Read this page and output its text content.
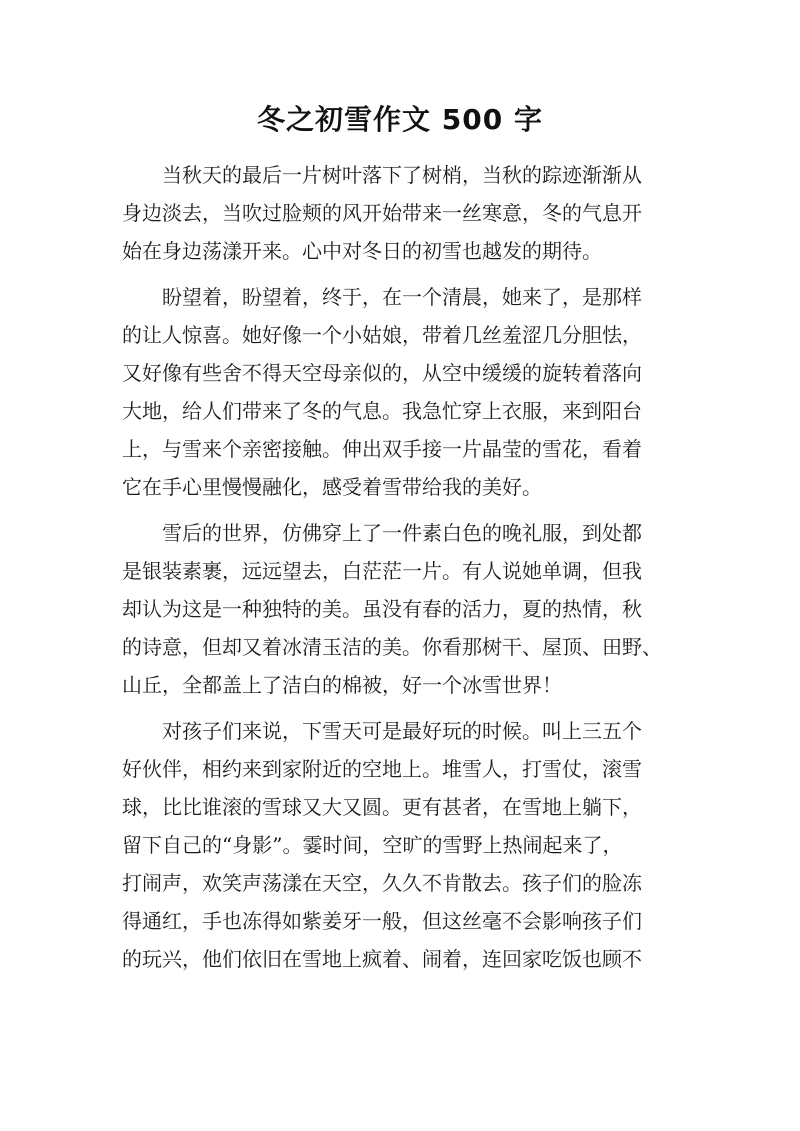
冬之初雪作文 500 字
　　当秋天的最后一片树叶落下了树梢，当秋的踪迹渐渐从
身边淡去，当吹过脸颊的风开始带来一丝寒意，冬的气息开
始在身边荡漾开来。心中对冬日的初雪也越发的期待。
　　盼望着，盼望着，终于，在一个清晨，她来了，是那样
的让人惊喜。她好像一个小姑娘，带着几丝羞涩几分胆怯，
又好像有些舍不得天空母亲似的，从空中缓缓的旋转着落向
大地，给人们带来了冬的气息。我急忙穿上衣服，来到阳台
上，与雪来个亲密接触。伸出双手接一片晶莹的雪花，看着
它在手心里慢慢融化，感受着雪带给我的美好。
　　雪后的世界，仿佛穿上了一件素白色的晚礼服，到处都
是银装素裹，远远望去，白茫茫一片。有人说她单调，但我
却认为这是一种独特的美。虽没有春的活力，夏的热情，秋
的诗意，但却又着冰清玉洁的美。你看那树干、屋顶、田野、
山丘，全都盖上了洁白的棉被，好一个冰雪世界！
　　对孩子们来说，下雪天可是最好玩的时候。叫上三五个
好伙伴，相约来到家附近的空地上。堆雪人，打雪仗，滚雪
球，比比谁滚的雪球又大又圆。更有甚者，在雪地上躺下，
留下自己的“身影”。霎时间，空旷的雪野上热闹起来了，
打闹声，欢笑声荡漾在天空，久久不肯散去。孩子们的脸冻
得通红，手也冻得如紫姜牙一般，但这丝毫不会影响孩子们
的玩兴，他们依旧在雪地上疯着、闹着，连回家吃饭也顾不
